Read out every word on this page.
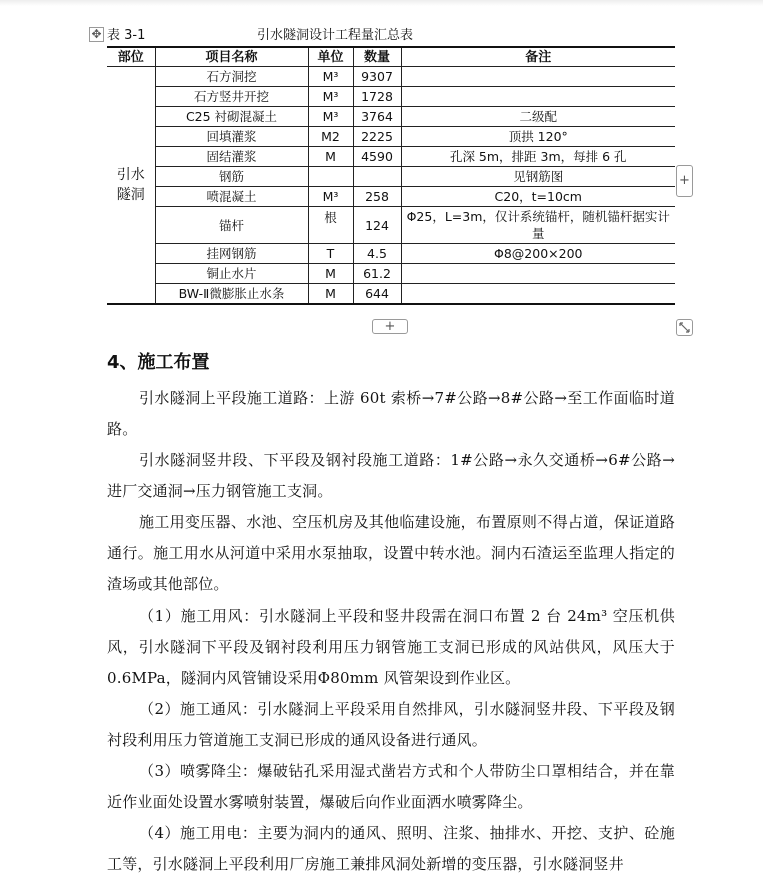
✥ 表 3-1	引水隧洞设计工程量汇总表
部位	项目名称	单位	数量	备注
引水隧洞	石方洞挖	M³	9307	
	石方竖井开挖	M³	1728	
	C25 衬砌混凝土	M³	3764	二级配
	回填灌浆	M2	2225	顶拱 120°
	固结灌浆	M	4590	孔深 5m，排距 3m，每排 6 孔
	钢筋			见钢筋图
	喷混凝土	M³	258	C20，t=10cm
	锚杆	根	124	Φ25，L=3m，仅计系统锚杆，随机锚杆据实计量
	挂网钢筋	T	4.5	Φ8@200×200
	铜止水片	M	61.2	
	BW-Ⅱ微膨胀止水条	M	644	
+
+
4、施工布置

引水隧洞上平段施工道路：上游 60t 索桥→7#公路→8#公路→至工作面临时道路。

引水隧洞竖井段、下平段及钢衬段施工道路：1#公路→永久交通桥→6#公路→进厂交通洞→压力钢管施工支洞。

施工用变压器、水池、空压机房及其他临建设施，布置原则不得占道，保证道路通行。施工用水从河道中采用水泵抽取，设置中转水池。洞内石渣运至监理人指定的渣场或其他部位。

（1）施工用风：引水隧洞上平段和竖井段需在洞口布置 2 台 24m³ 空压机供风，引水隧洞下平段及钢衬段利用压力钢管施工支洞已形成的风站供风，风压大于 0.6MPa，隧洞内风管铺设采用Φ80mm 风管架设到作业区。

（2）施工通风：引水隧洞上平段采用自然排风，引水隧洞竖井段、下平段及钢衬段利用压力管道施工支洞已形成的通风设备进行通风。

（3）喷雾降尘：爆破钻孔采用湿式凿岩方式和个人带防尘口罩相结合，并在靠近作业面处设置水雾喷射装置，爆破后向作业面洒水喷雾降尘。

（4）施工用电：主要为洞内的通风、照明、注浆、抽排水、开挖、支护、砼施工等，引水隧洞上平段利用厂房施工兼排风洞处新增的变压器，引水隧洞竖井
